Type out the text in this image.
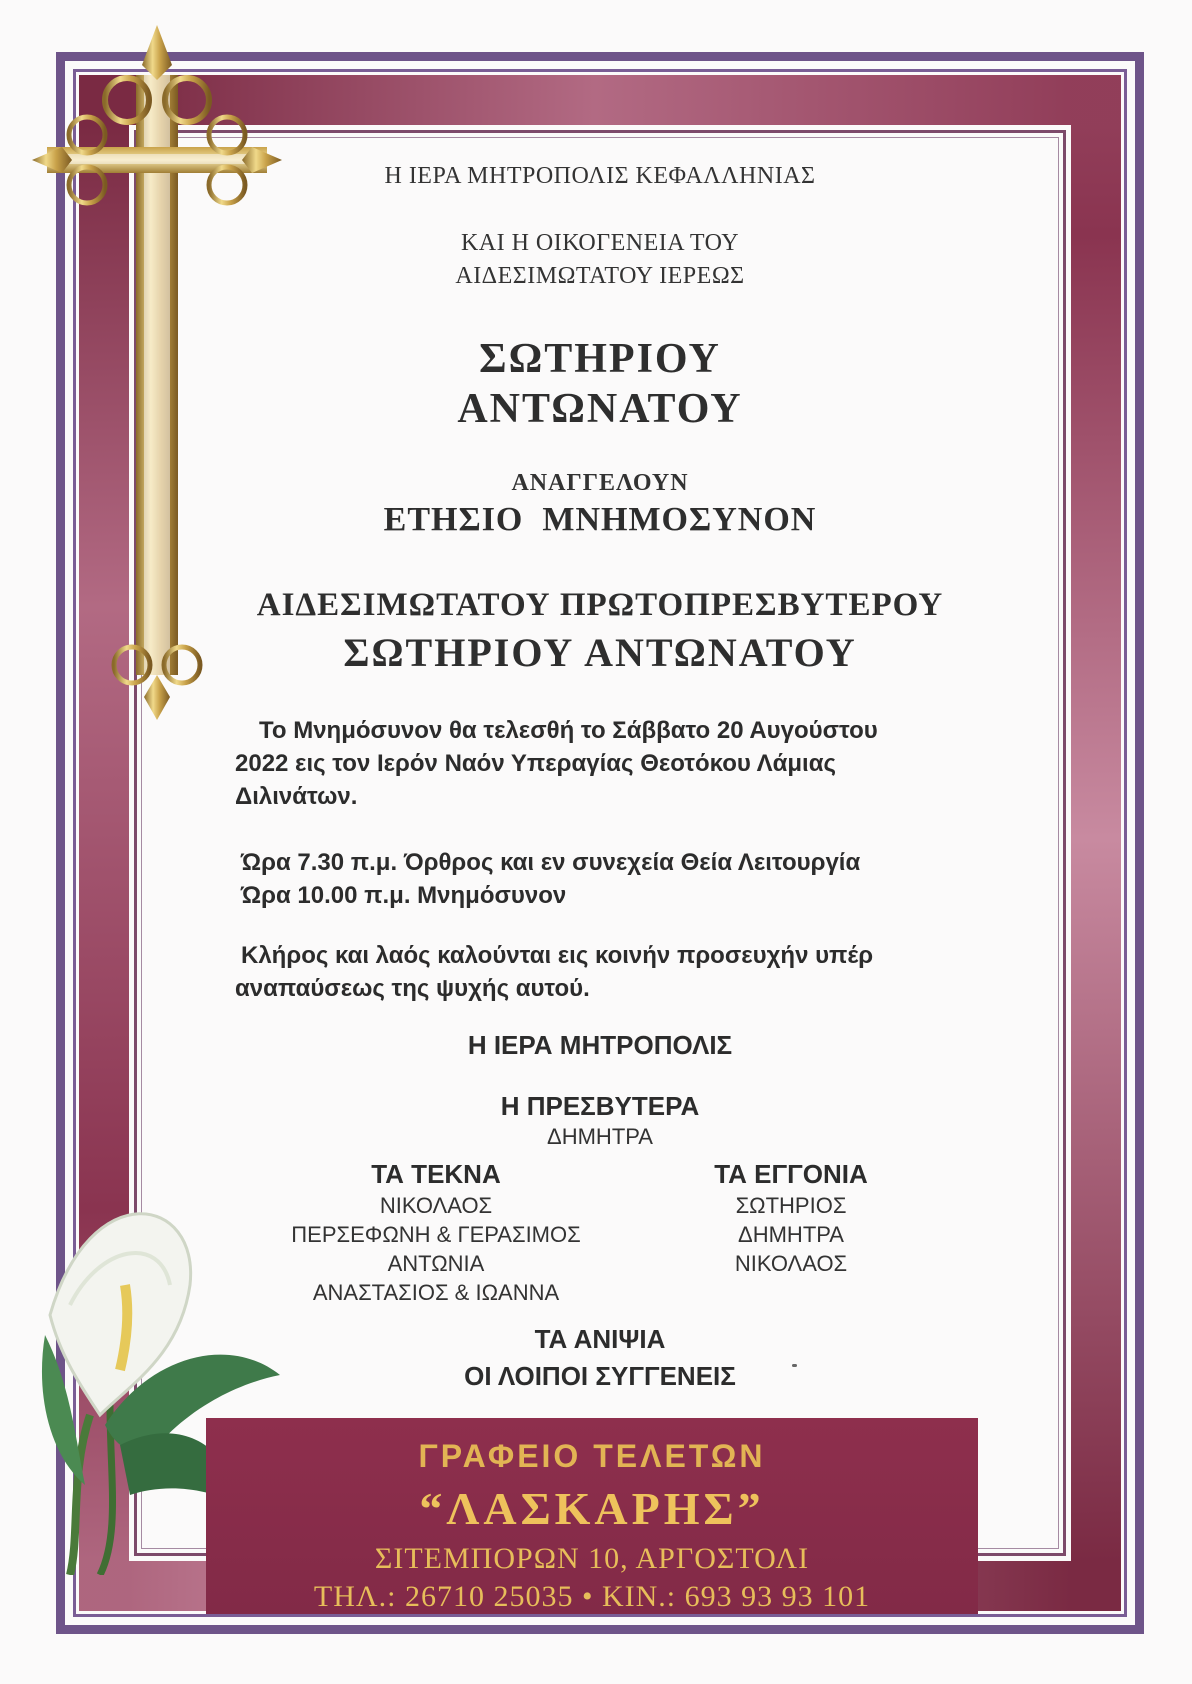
Η ΙΕΡΑ ΜΗΤΡΟΠΟΛΙΣ ΚΕΦΑΛΛΗΝΙΑΣ
ΚΑΙ Η ΟΙΚΟΓΕΝΕΙΑ ΤΟΥ
ΑΙΔΕΣΙΜΩΤΑΤΟΥ ΙΕΡΕΩΣ
ΣΩΤΗΡΙΟΥ
ΑΝΤΩΝΑΤΟΥ
ΑΝΑΓΓΕΛΟΥΝ
ΕΤΗΣΙΟ  ΜΝΗΜΟΣΥΝΟΝ
ΑΙΔΕΣΙΜΩΤΑΤΟΥ ΠΡΩΤΟΠΡΕΣΒΥΤΕΡΟΥ
ΣΩΤΗΡΙΟΥ ΑΝΤΩΝΑΤΟΥ
Το Μνημόσυνον θα τελεσθή το Σάββατο 20 Αυγούστου
2022 εις τον Ιερόν Ναόν Υπεραγίας Θεοτόκου Λάμιας
Διλινάτων.
Ώρα 7.30 π.μ. Όρθρος και εν συνεχεία Θεία Λειτουργία
Ώρα 10.00 π.μ. Μνημόσυνον
Κλήρος και λαός καλούνται εις κοινήν προσευχήν υπέρ
αναπαύσεως της ψυχής αυτού.
Η ΙΕΡΑ ΜΗΤΡΟΠΟΛΙΣ
Η ΠΡΕΣΒΥΤΕΡΑ
ΔΗΜΗΤΡΑ
ΤΑ ΤΕΚΝΑ
ΝΙΚΟΛΑΟΣ
ΠΕΡΣΕΦΩΝΗ & ΓΕΡΑΣΙΜΟΣ
ΑΝΤΩΝΙΑ
ΑΝΑΣΤΑΣΙΟΣ & ΙΩΑΝΝΑ
ΤΑ ΕΓΓΟΝΙΑ
ΣΩΤΗΡΙΟΣ
ΔΗΜΗΤΡΑ
ΝΙΚΟΛΑΟΣ
ΤΑ ΑΝΙΨΙΑ
ΟΙ ΛΟΙΠΟΙ ΣΥΓΓΕΝΕΙΣ
ΓΡΑΦΕΙΟ ΤΕΛΕΤΩΝ
“ΛΑΣΚΑΡΗΣ”
ΣΙΤΕΜΠΟΡΩΝ 10, ΑΡΓΟΣΤΟΛΙ
ΤΗΛ.: 26710 25035 • ΚΙΝ.: 693 93 93 101
